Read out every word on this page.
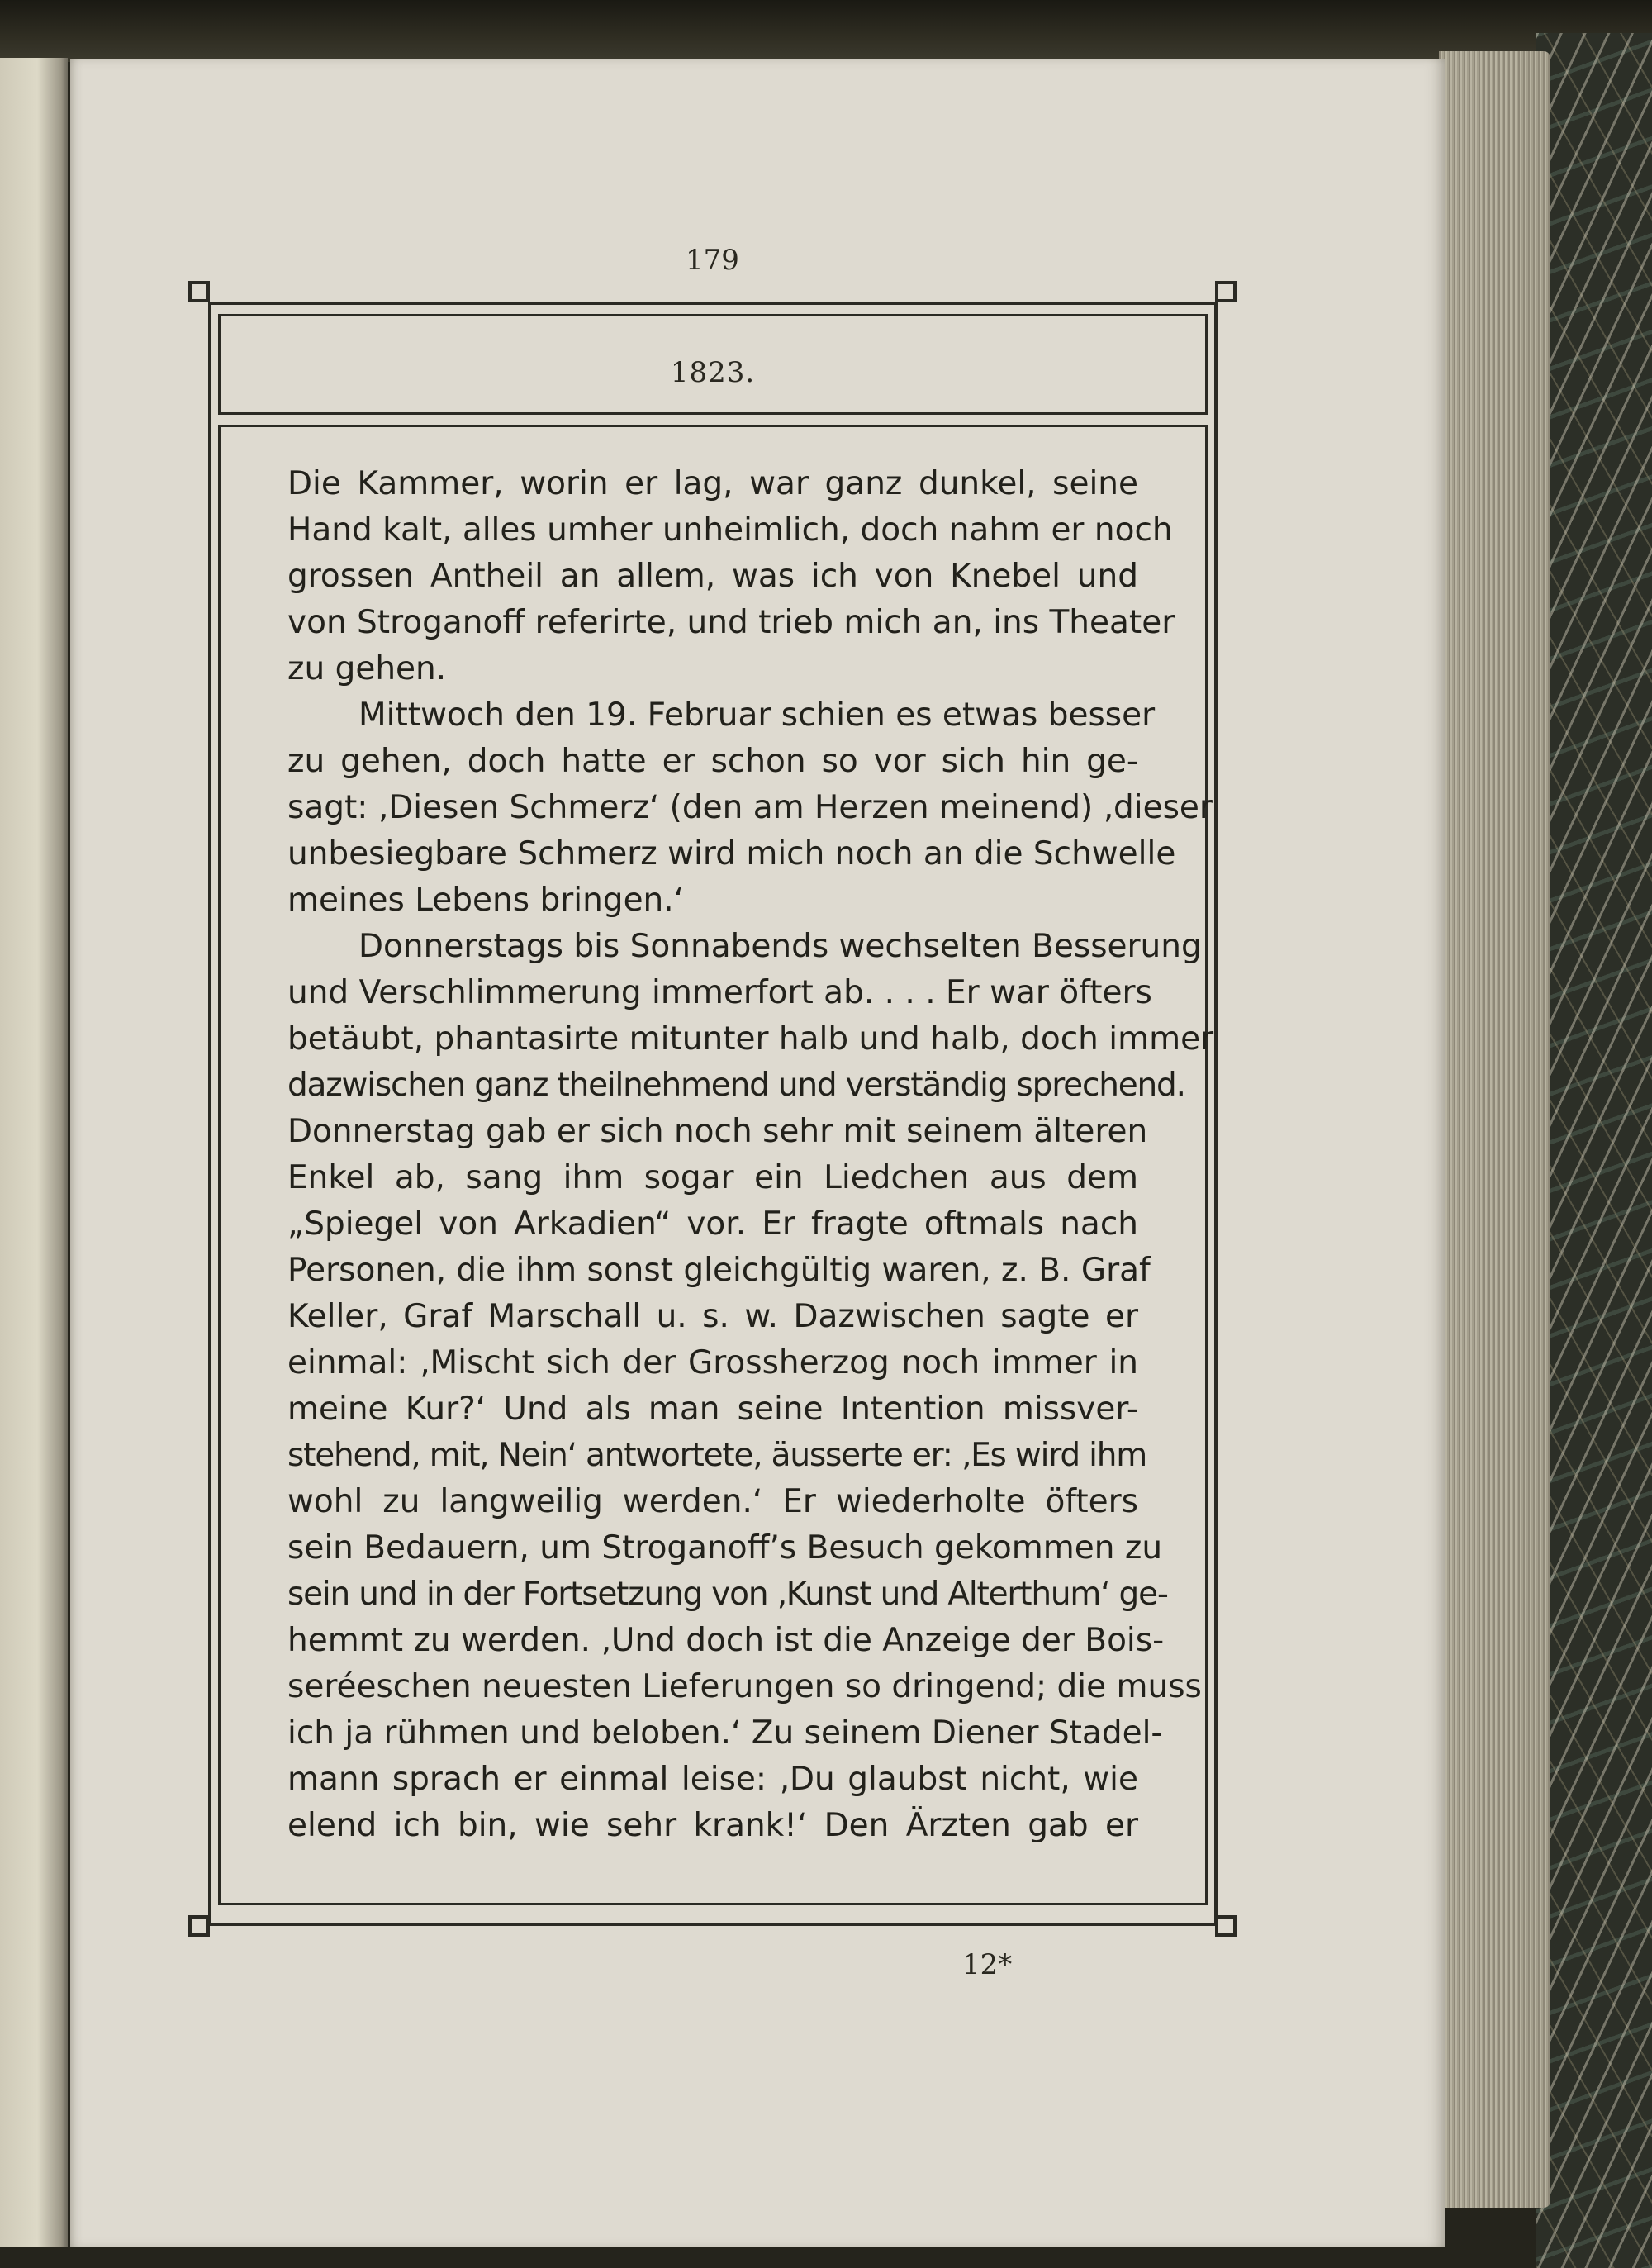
179
1823.
Die Kammer, worin er lag, war ganz dunkel, seine
Hand kalt, alles umher unheimlich, doch nahm er noch
grossen Antheil an allem, was ich von Knebel und
von Stroganoff referirte, und trieb mich an, ins Theater
zu gehen.
Mittwoch den 19. Februar schien es etwas besser
zu gehen, doch hatte er schon so vor sich hin ge-
sagt: ‚Diesen Schmerz‘ (den am Herzen meinend) ‚dieser
unbesiegbare Schmerz wird mich noch an die Schwelle
meines Lebens bringen.‘
Donnerstags bis Sonnabends wechselten Besserung
und Verschlimmerung immerfort ab. . . . Er war öfters
betäubt, phantasirte mitunter halb und halb, doch immer
dazwischen ganz theilnehmend und verständig sprechend.
Donnerstag gab er sich noch sehr mit seinem älteren
Enkel ab, sang ihm sogar ein Liedchen aus dem
„Spiegel von Arkadien“ vor. Er fragte oftmals nach
Personen, die ihm sonst gleichgültig waren, z. B. Graf
Keller, Graf Marschall u. s. w. Dazwischen sagte er
einmal: ‚Mischt sich der Grossherzog noch immer in
meine Kur?‘ Und als man seine Intention missver-
stehend, mit, Nein‘ antwortete, äusserte er: ‚Es wird ihm
wohl zu langweilig werden.‘ Er wiederholte öfters
sein Bedauern, um Stroganoff’s Besuch gekommen zu
sein und in der Fortsetzung von ‚Kunst und Alterthum‘ ge-
hemmt zu werden. ‚Und doch ist die Anzeige der Bois-
seréeschen neuesten Lieferungen so dringend; die muss
ich ja rühmen und beloben.‘ Zu seinem Diener Stadel-
mann sprach er einmal leise: ‚Du glaubst nicht, wie
elend ich bin, wie sehr krank!‘ Den Ärzten gab er
12*
